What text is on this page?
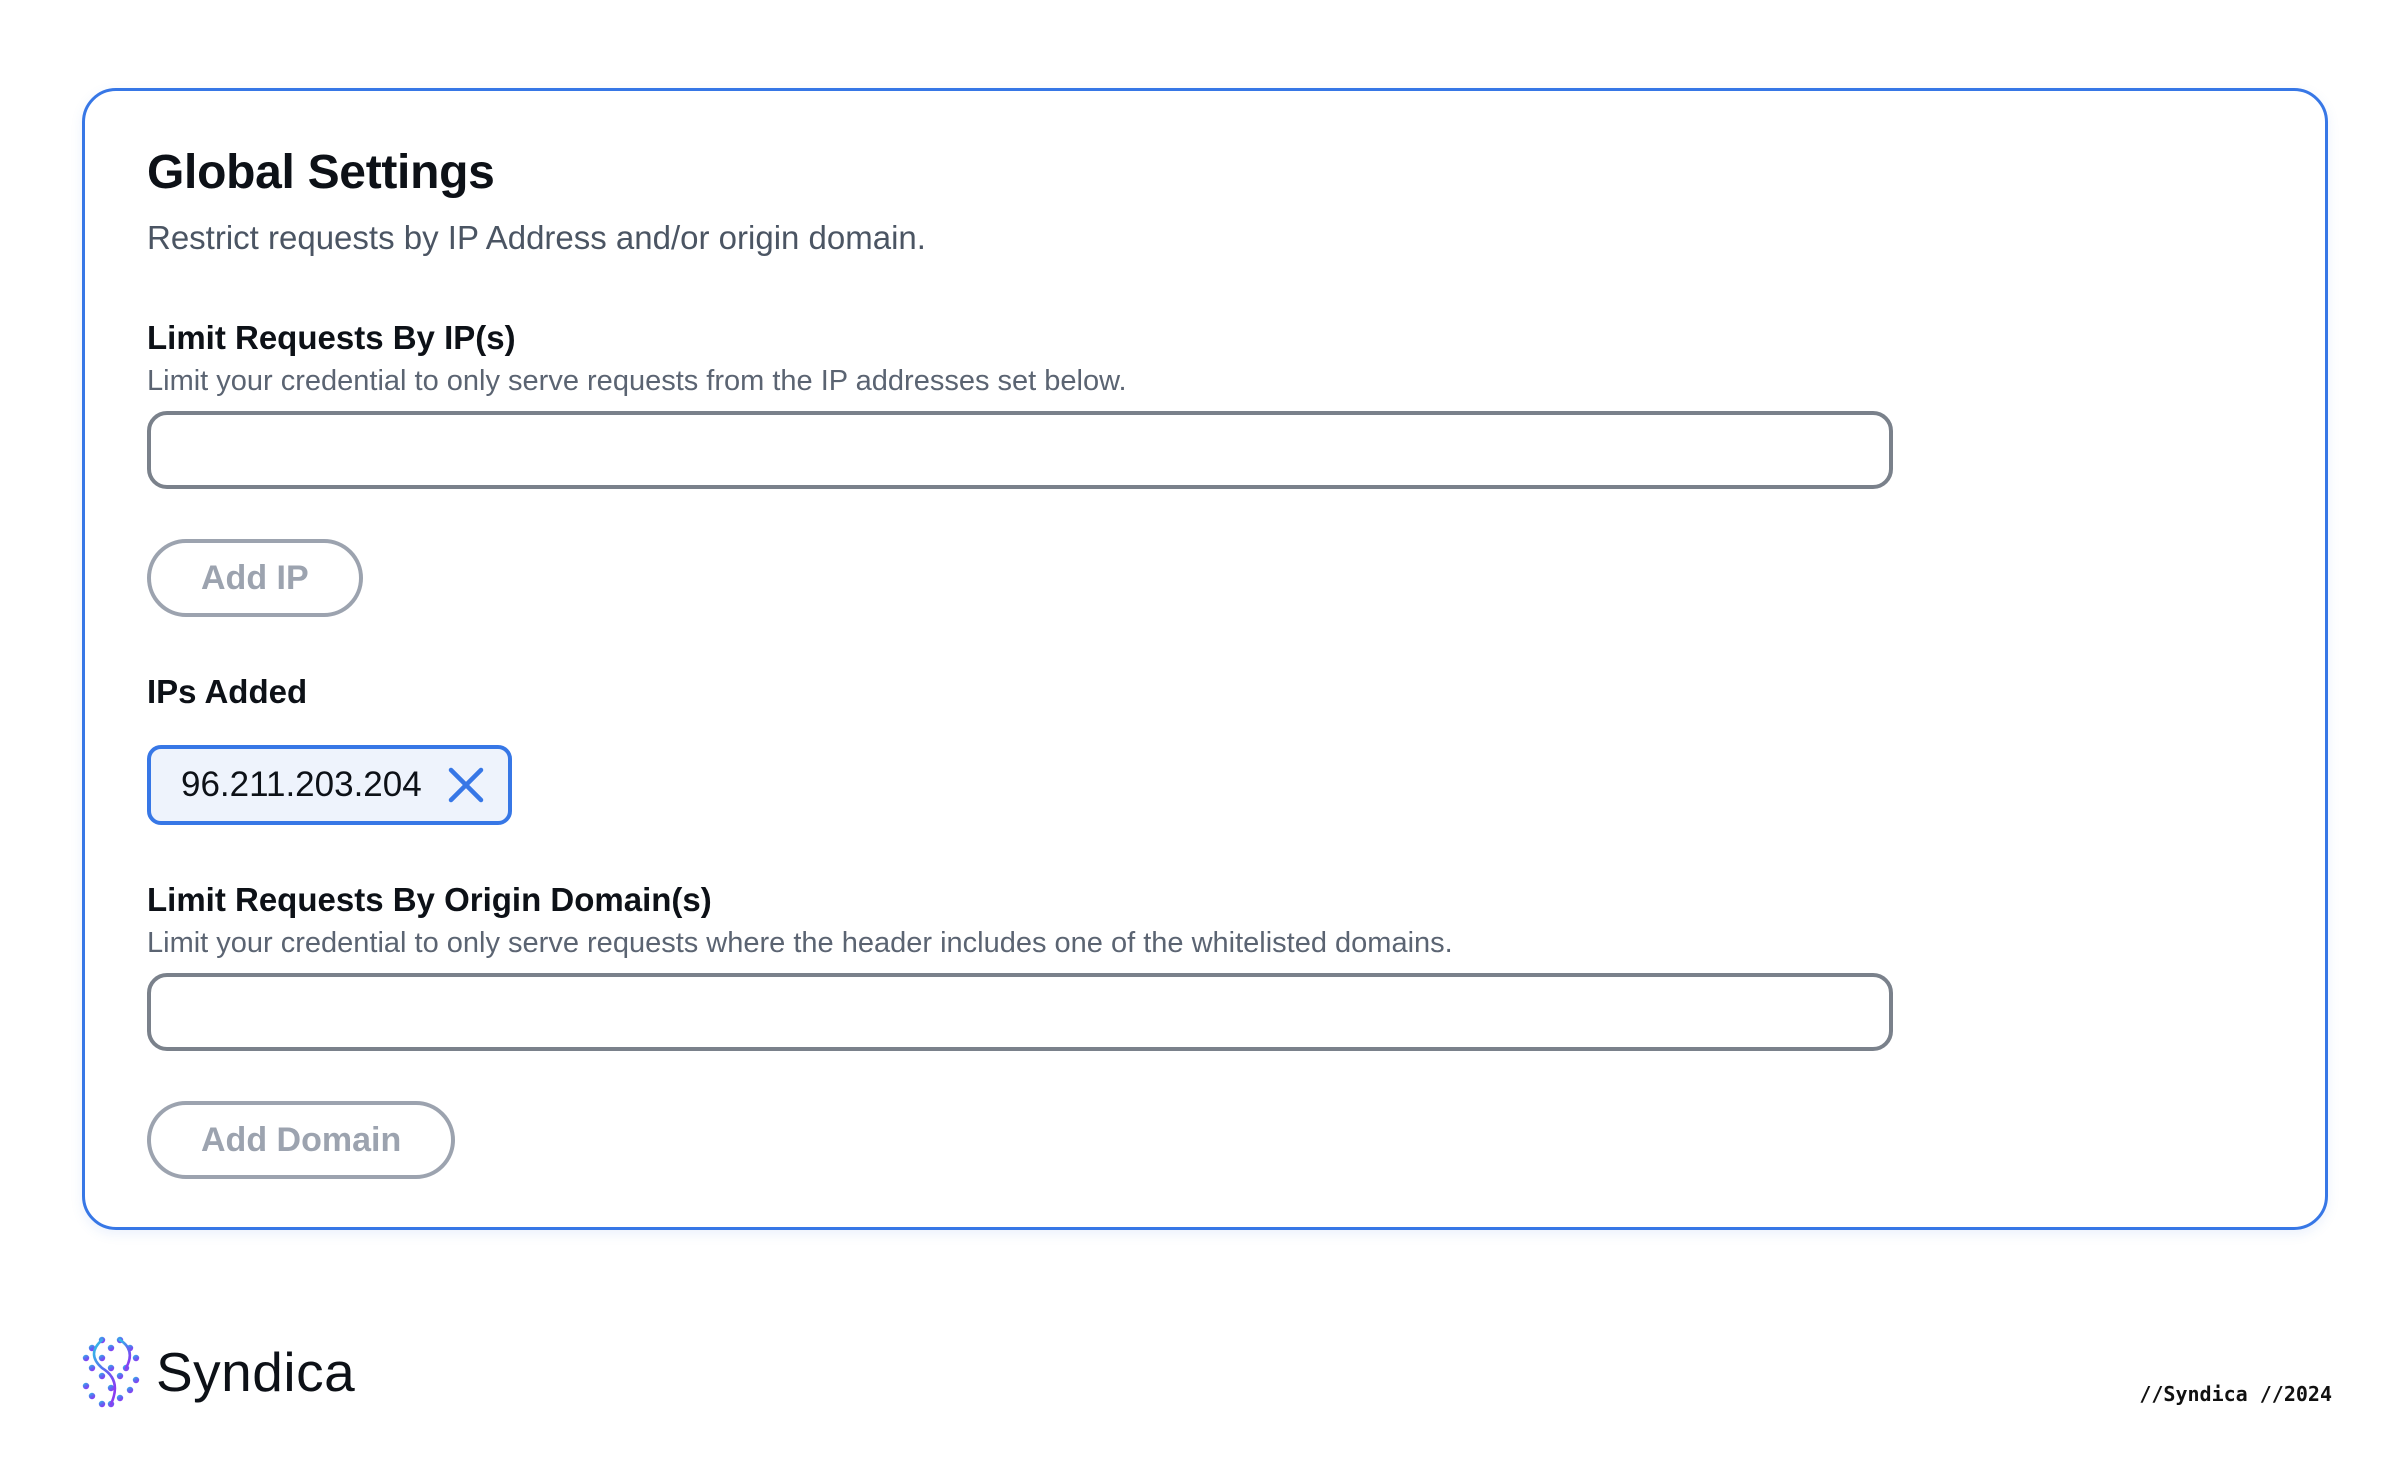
Global Settings
Restrict requests by IP Address and/or origin domain.
Limit Requests By IP(s)
Limit your credential to only serve requests from the IP addresses set below.
Add IP
IPs Added
96.211.203.204
Limit Requests By Origin Domain(s)
Limit your credential to only serve requests where the header includes one of the whitelisted domains.
Add Domain
Syndica	//Syndica //2024
